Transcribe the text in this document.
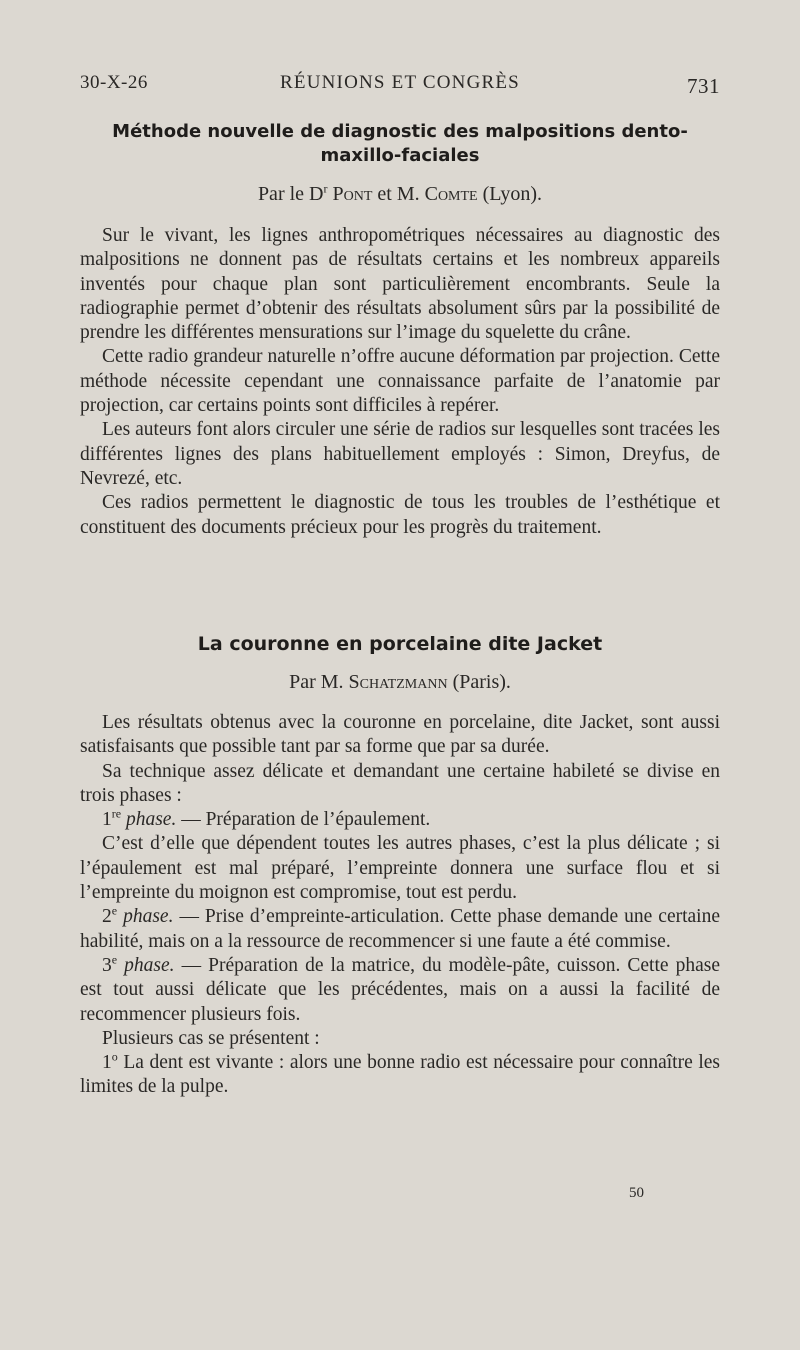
30-X-26	RÉUNIONS ET CONGRÈS	731
Méthode nouvelle de diagnostic des malpositions dento-
maxillo-faciales
Par le $D^r$ Pont et M. Comte (Lyon).

Sur le vivant, les lignes anthropométriques nécessaires au diagnostic des malpositions ne donnent pas de résultats certains et les nombreux appareils inventés pour chaque plan sont particulièrement encombrants. Seule la radiographie permet d’obtenir des résultats absolument sûrs par la possibilité de prendre les différentes mensurations sur l’image du squelette du crâne.

Cette radio grandeur naturelle n’offre aucune déformation par projection. Cette méthode nécessite cependant une connaissance parfaite de l’anatomie par projection, car certains points sont difficiles à repérer.

Les auteurs font alors circuler une série de radios sur lesquelles sont tracées les différentes lignes des plans habituellement employés : Simon, Dreyfus, de Nevrezé, etc.

Ces radios permettent le diagnostic de tous les troubles de l’esthétique et constituent des documents précieux pour les progrès du traitement.

La couronne en porcelaine dite Jacket
Par M. Schatzmann (Paris).

Les résultats obtenus avec la couronne en porcelaine, dite Jacket, sont aussi satisfaisants que possible tant par sa forme que par sa durée.

Sa technique assez délicate et demandant une certaine habileté se divise en trois phases :

1re phase. — Préparation de l’épaulement.

C’est d’elle que dépendent toutes les autres phases, c’est la plus délicate ; si l’épaulement est mal préparé, l’empreinte donnera une surface flou et si l’empreinte du moignon est compromise, tout est perdu.

2e phase. — Prise d’empreinte-articulation. Cette phase demande une certaine habilité, mais on a la ressource de recommencer si une faute a été commise.

3e phase. — Préparation de la matrice, du modèle-pâte, cuisson. Cette phase est tout aussi délicate que les précédentes, mais on a aussi la facilité de recommencer plusieurs fois.

Plusieurs cas se présentent :

1$^o$ La dent est vivante : alors une bonne radio est nécessaire pour connaître les limites de la pulpe.

50
